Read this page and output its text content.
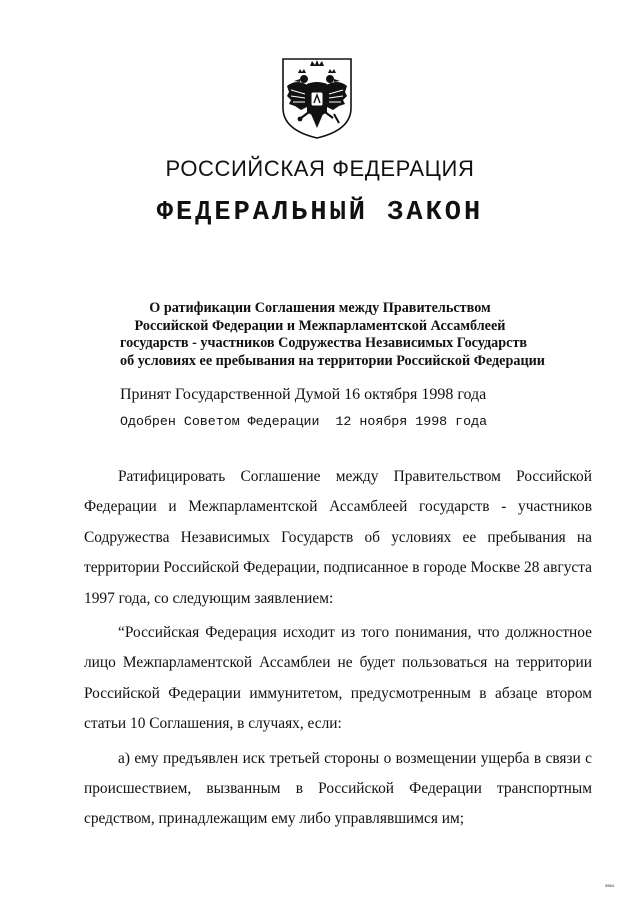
РОССИЙСКАЯ ФЕДЕРАЦИЯ
ФЕДЕРАЛЬНЫЙ ЗАКОН
О ратификации Соглашения между Правительством
Российской Федерации и Межпарламентской Ассамблеей
государств - участников Содружества Независимых Государств
об условиях ее пребывания на территории Российской Федерации
Принят Государственной Думой 16 октября 1998 года
Одобрен Советом Федерации  12 ноября 1998 года

Ратифицировать Соглашение между Правительством Российской Федерации и Межпарламентской Ассамблеей государств - участников Содружества Независимых Государств об условиях ее пребывания на территории Российской Федерации, подписанное в городе Москве 28 августа 1997 года, со следующим заявлением:

“Российская Федерация исходит из того понимания, что должностное лицо Межпарламентской Ассамблеи не будет пользоваться на территории Российской Федерации иммунитетом, предусмотренным в абзаце втором статьи 10 Соглашения, в случаях, если:

а) ему предъявлен иск третьей стороны о возмещении ущерба в связи с происшествием, вызванным в Российской Федерации транспортным средством, принадлежащим ему либо управлявшимся им;

5564
